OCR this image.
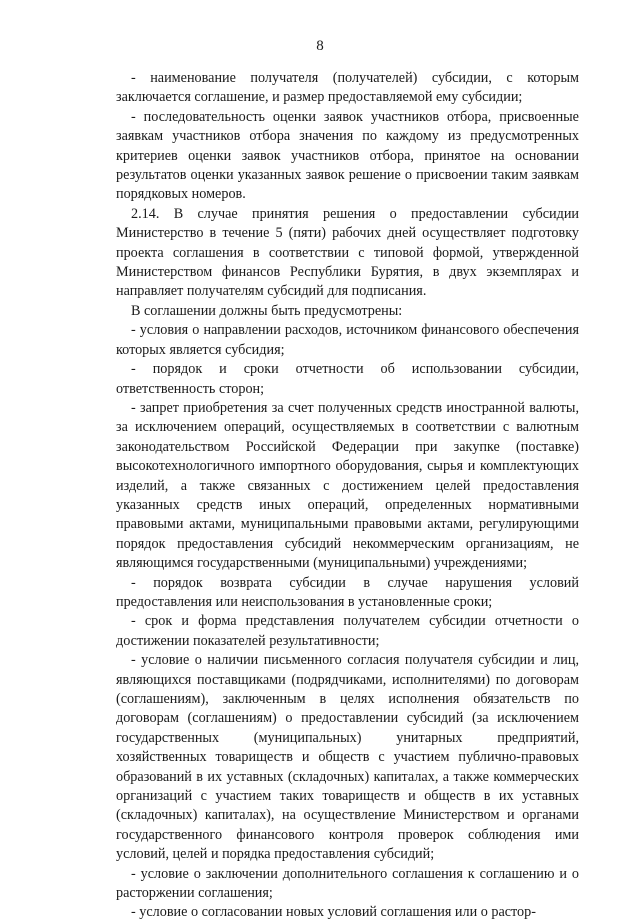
8

- наименование получателя (получателей) субсидии, с которым заключается соглашение, и размер предоставляемой ему субсидии;

- последовательность оценки заявок участников отбора, присвоенные заявкам участников отбора значения по каждому из предусмотренных критериев оценки заявок участников отбора, принятое на основании результатов оценки указанных заявок решение о присвоении таким заявкам порядковых номеров.

2.14. В случае принятия решения о предоставлении субсидии Министерство в течение 5 (пяти) рабочих дней осуществляет подготовку проекта соглашения в соответствии с типовой формой, утвержденной Министерством финансов Республики Бурятия, в двух экземплярах и направляет получателям субсидий для подписания.

В соглашении должны быть предусмотрены:

- условия о направлении расходов, источником финансового обеспечения которых является субсидия;

- порядок и сроки отчетности об использовании субсидии, ответственность сторон;

- запрет приобретения за счет полученных средств иностранной валюты, за исключением операций, осуществляемых в соответствии с валютным законодательством Российской Федерации при закупке (поставке) высокотехнологичного импортного оборудования, сырья и комплектующих изделий, а также связанных с достижением целей предоставления указанных средств иных операций, определенных нормативными правовыми актами, муниципальными правовыми актами, регулирующими порядок предоставления субсидий некоммерческим организациям, не являющимся государственными (муниципальными) учреждениями;

- порядок возврата субсидии в случае нарушения условий предоставления или неиспользования в установленные сроки;

- срок и форма представления получателем субсидии отчетности о достижении показателей результативности;

- условие о наличии письменного согласия получателя субсидии и лиц, являющихся поставщиками (подрядчиками, исполнителями) по договорам (соглашениям), заключенным в целях исполнения обязательств по договорам (соглашениям) о предоставлении субсидий (за исключением государственных (муниципальных) унитарных предприятий, хозяйственных товариществ и обществ с участием публично-правовых образований в их уставных (складочных) капиталах, а также коммерческих организаций с участием таких товариществ и обществ в их уставных (складочных) капиталах), на осуществление Министерством и органами государственного финансового контроля проверок соблюдения ими условий, целей и порядка предоставления субсидий;

- условие о заключении дополнительного соглашения к соглашению и о расторжении соглашения;

- условие о согласовании новых условий соглашения или о растор-
